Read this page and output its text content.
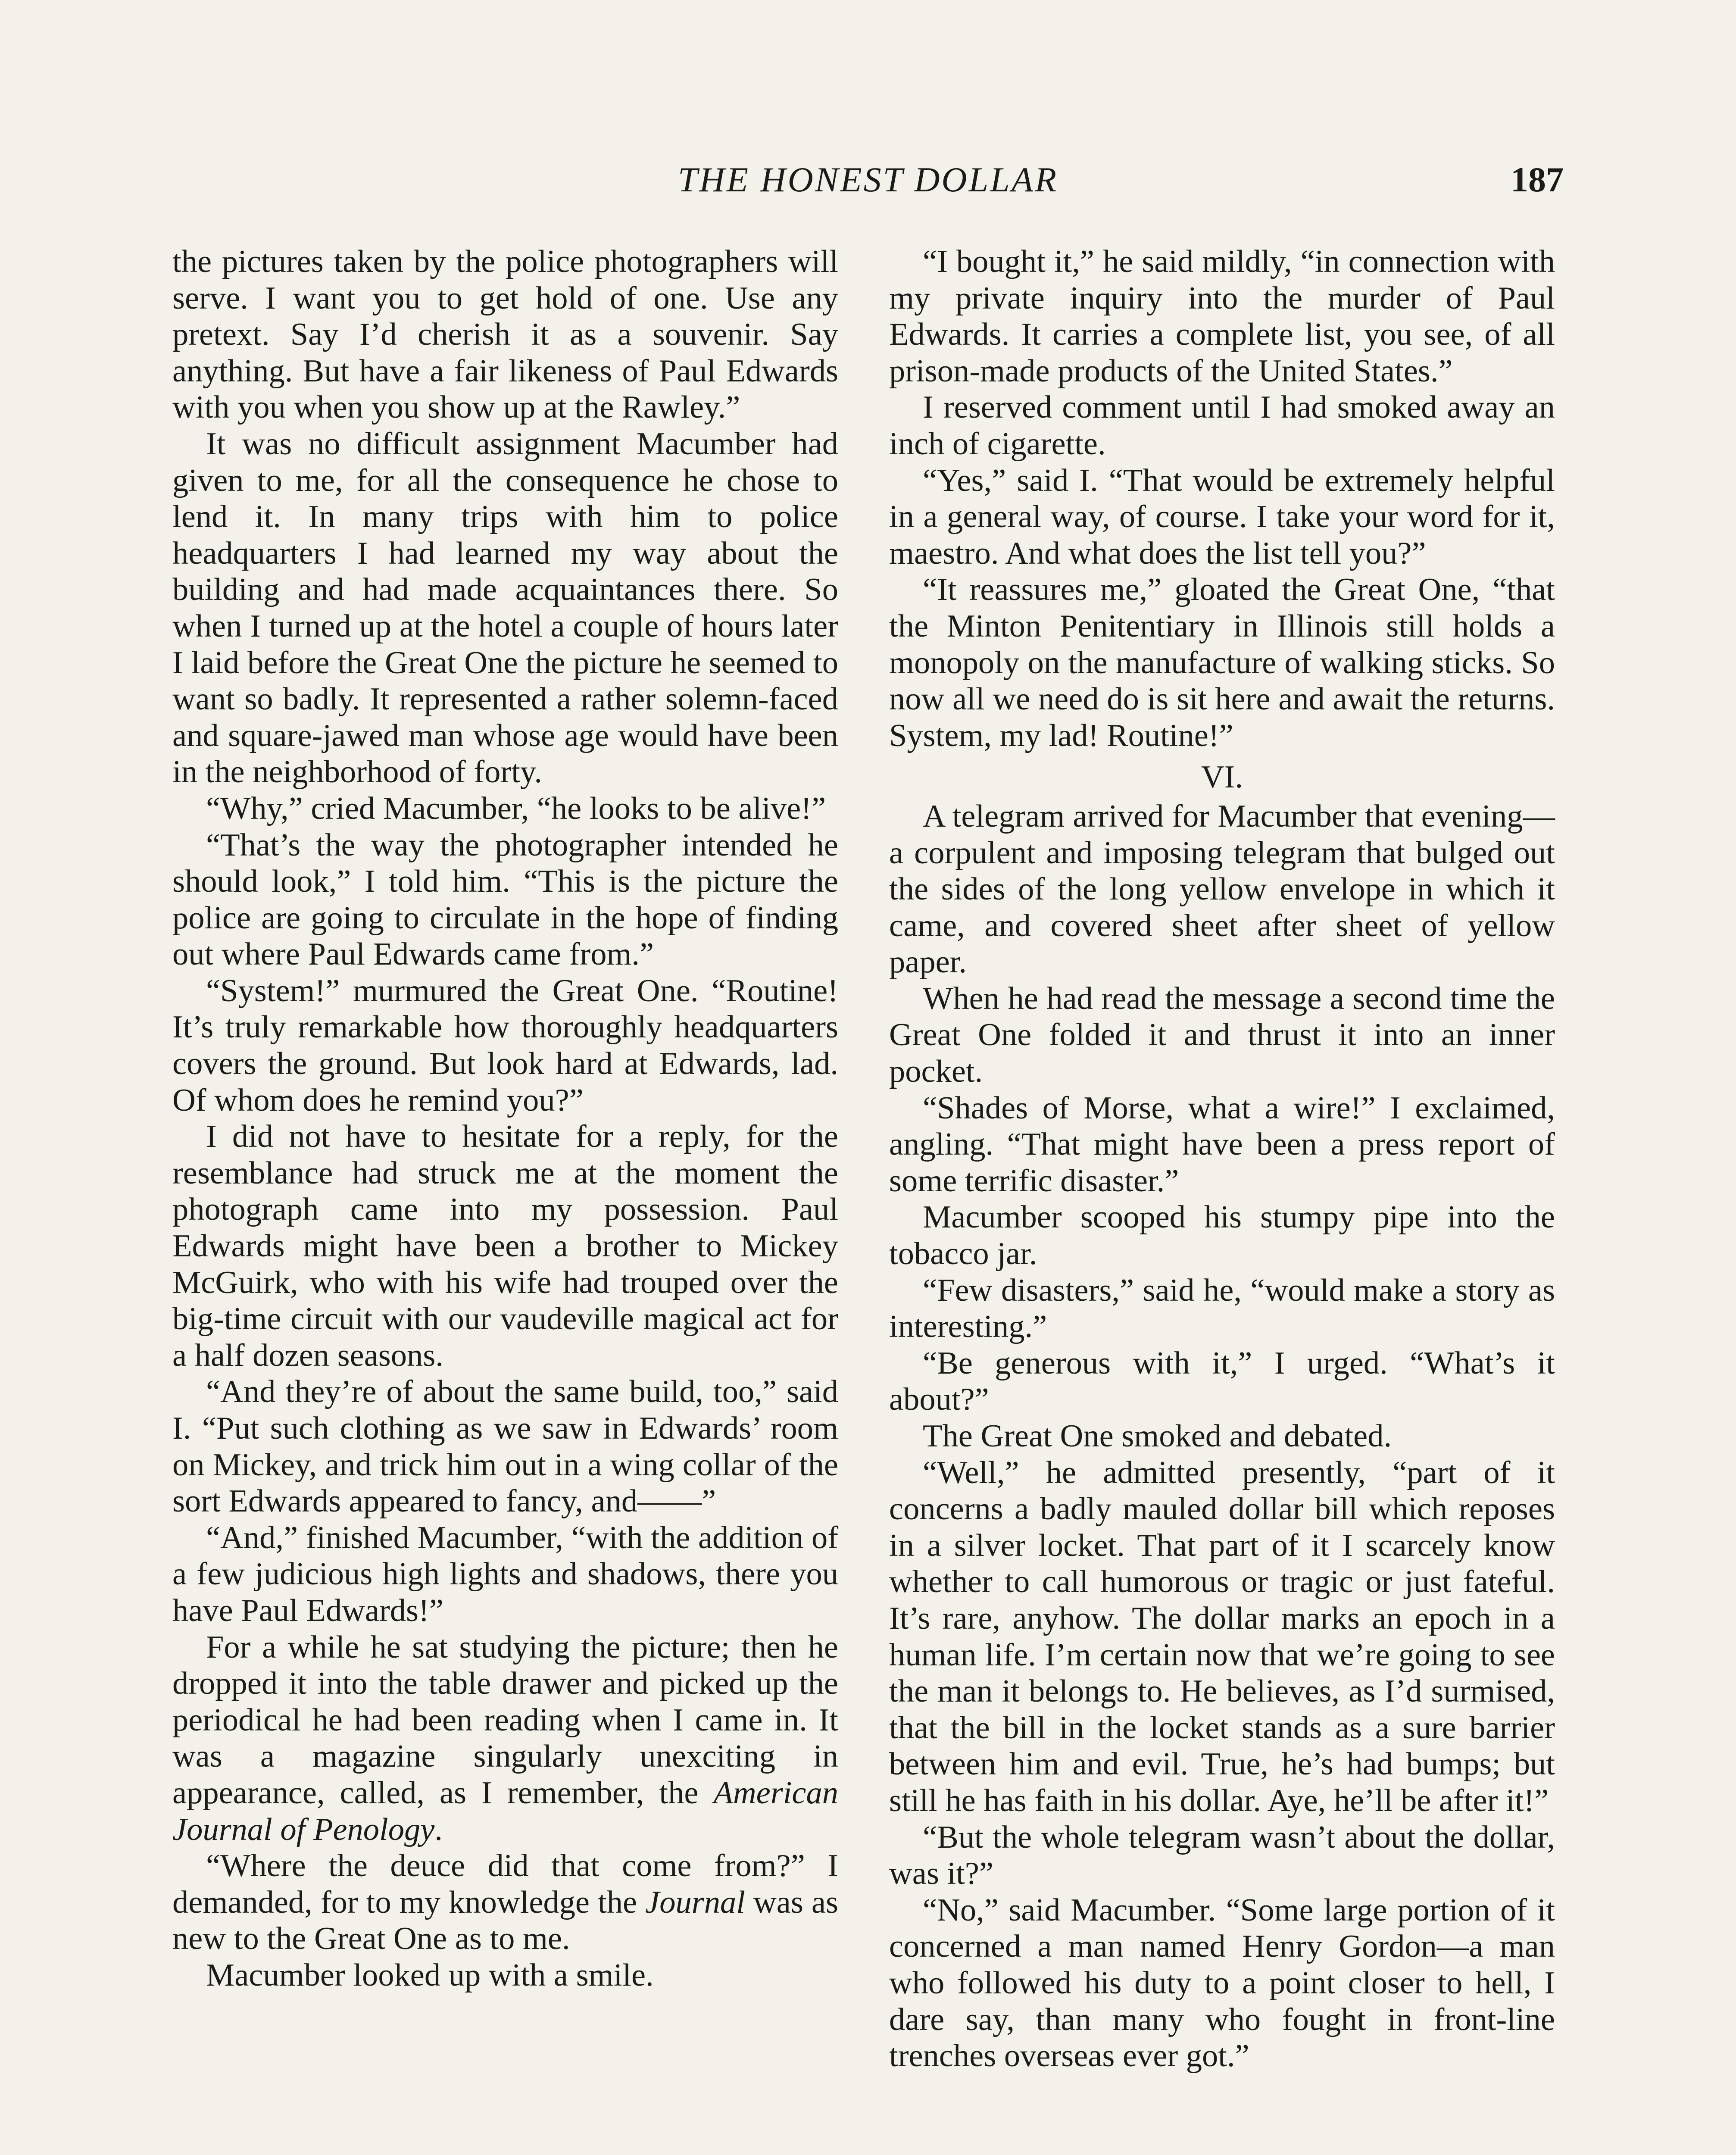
THE HONEST DOLLAR	187

the pictures taken by the police photographers will serve. I want you to get hold of one. Use any pretext. Say I’d cherish it as a souvenir. Say anything. But have a fair likeness of Paul Edwards with you when you show up at the Rawley.”

It was no difficult assignment Macumber had given to me, for all the consequence he chose to lend it. In many trips with him to police headquarters I had learned my way about the building and had made acquaintances there. So when I turned up at the hotel a couple of hours later I laid before the Great One the picture he seemed to want so badly. It represented a rather solemn-faced and square-jawed man whose age would have been in the neighborhood of forty.

“Why,” cried Macumber, “he looks to be alive!”

“That’s the way the photographer intended he should look,” I told him. “This is the picture the police are going to circulate in the hope of finding out where Paul Edwards came from.”

“System!” murmured the Great One. “Routine! It’s truly remarkable how thoroughly headquarters covers the ground. But look hard at Edwards, lad. Of whom does he remind you?”

I did not have to hesitate for a reply, for the resemblance had struck me at the moment the photograph came into my possession. Paul Edwards might have been a brother to Mickey McGuirk, who with his wife had trouped over the big-time circuit with our vaudeville magical act for a half dozen seasons.

“And they’re of about the same build, too,” said I. “Put such clothing as we saw in Edwards’ room on Mickey, and trick him out in a wing collar of the sort Edwards appeared to fancy, and——”

“And,” finished Macumber, “with the addition of a few judicious high lights and shadows, there you have Paul Edwards!”

For a while he sat studying the picture; then he dropped it into the table drawer and picked up the periodical he had been reading when I came in. It was a magazine singularly unexciting in appearance, called, as I remember, the American Journal of Penology.

“Where the deuce did that come from?” I demanded, for to my knowledge the Journal was as new to the Great One as to me.

Macumber looked up with a smile.

“I bought it,” he said mildly, “in connection with my private inquiry into the murder of Paul Edwards. It carries a complete list, you see, of all prison-made products of the United States.”

I reserved comment until I had smoked away an inch of cigarette.

“Yes,” said I. “That would be extremely helpful in a general way, of course. I take your word for it, maestro. And what does the list tell you?”

“It reassures me,” gloated the Great One, “that the Minton Penitentiary in Illinois still holds a monopoly on the manufacture of walking sticks. So now all we need do is sit here and await the returns. System, my lad! Routine!”

VI.

A telegram arrived for Macumber that evening—a corpulent and imposing telegram that bulged out the sides of the long yellow envelope in which it came, and covered sheet after sheet of yellow paper.

When he had read the message a second time the Great One folded it and thrust it into an inner pocket.

“Shades of Morse, what a wire!” I exclaimed, angling. “That might have been a press report of some terrific disaster.”

Macumber scooped his stumpy pipe into the tobacco jar.

“Few disasters,” said he, “would make a story as interesting.”

“Be generous with it,” I urged. “What’s it about?”

The Great One smoked and debated.

“Well,” he admitted presently, “part of it concerns a badly mauled dollar bill which reposes in a silver locket. That part of it I scarcely know whether to call humorous or tragic or just fateful. It’s rare, anyhow. The dollar marks an epoch in a human life. I’m certain now that we’re going to see the man it belongs to. He believes, as I’d surmised, that the bill in the locket stands as a sure barrier between him and evil. True, he’s had bumps; but still he has faith in his dollar. Aye, he’ll be after it!”

“But the whole telegram wasn’t about the dollar, was it?”

“No,” said Macumber. “Some large portion of it concerned a man named Henry Gordon—a man who followed his duty to a point closer to hell, I dare say, than many who fought in front-line trenches overseas ever got.”
